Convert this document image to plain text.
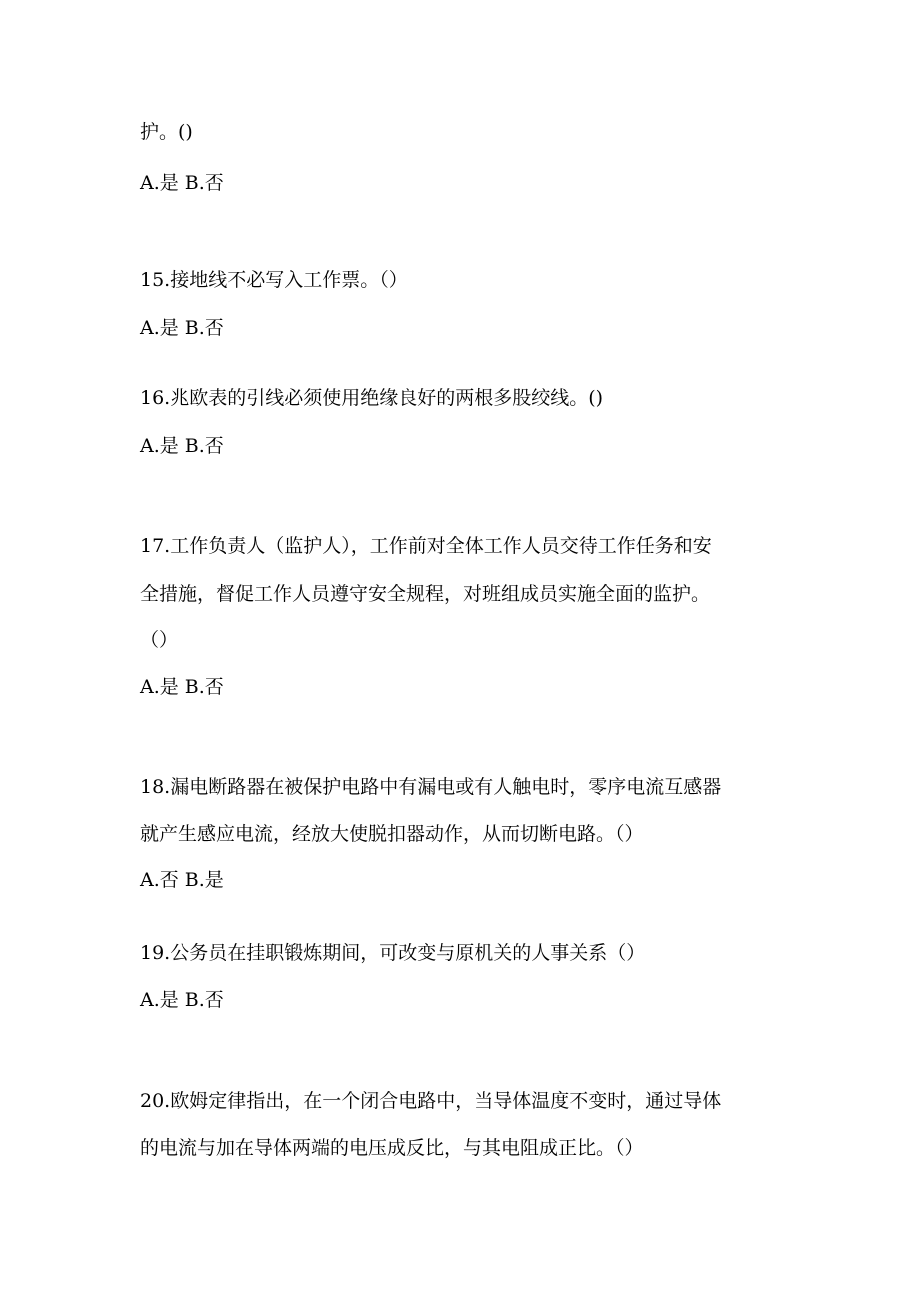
护。()
A.是 B.否
15.接地线不必写入工作票。（）
A.是 B.否
16.兆欧表的引线必须使用绝缘良好的两根多股绞线。()
A.是 B.否
17.工作负责人（监护人），工作前对全体工作人员交待工作任务和安
全措施，督促工作人员遵守安全规程，对班组成员实施全面的监护。
（）
A.是 B.否
18.漏电断路器在被保护电路中有漏电或有人触电时，零序电流互感器
就产生感应电流，经放大使脱扣器动作，从而切断电路。（）
A.否 B.是
19.公务员在挂职锻炼期间，可改变与原机关的人事关系（）
A.是 B.否
20.欧姆定律指出，在一个闭合电路中，当导体温度不变时，通过导体
的电流与加在导体两端的电压成反比，与其电阻成正比。（）
